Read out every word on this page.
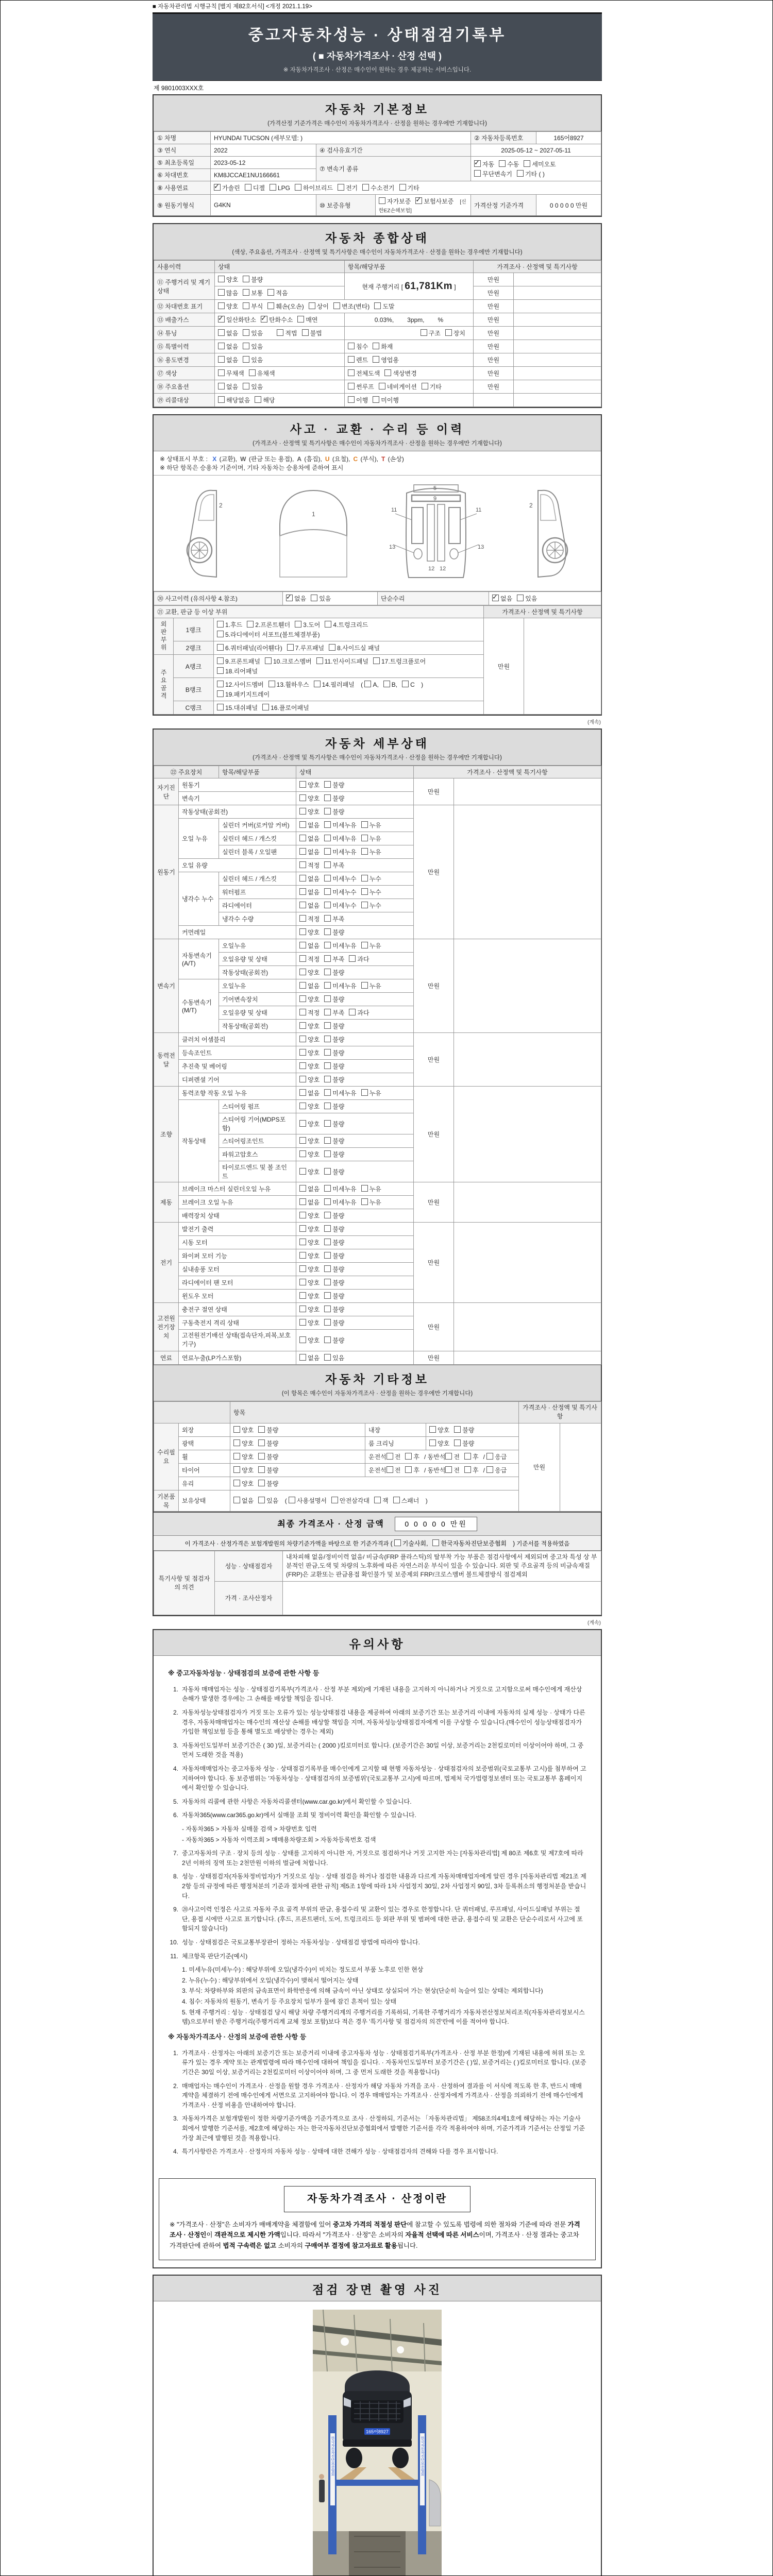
■ 자동차관리법 시행규칙 [별지 제82호서식] <개정 2021.1.19>
중고자동차성능 · 상태점검기록부
( ■ 자동차가격조사 · 산정 선택 )
※ 자동차가격조사 · 산정은 매수인이 원하는 경우 제공하는 서비스입니다.
제 9801003XXX호
자동차 기본정보
(가격산정 기준가격은 매수인이 자동차가격조사 · 산정을 원하는 경우에만 기재합니다)
① 차명	HYUNDAI TUCSON (세부모델: )			② 자동차등록번호	165어8927
③ 연식	2022	④ 검사유효기간		2025-05-12 ~ 2027-05-11	
⑤ 최초등록일	2023-05-12	⑦ 변속기 종류	✓자동 수동 세미오토
무단변속기 기타 ( )
⑥ 차대번호	KM8JCCAE1NU166661				
⑧ 사용연료	✓가솔린 디젤 LPG 하이브리드 전기 수소전기 기타
⑨ 원동기형식	G4KN	⑩ 보증유형	자가보증 ✓ 보험사보증 [신한EZ손해보험]	가격산정 기준가격	0 0 0 0 0 만원
자동차 종합상태
(색상, 주요옵션, 가격조사 · 산정액 및 특기사항은 매수인이 자동차가격조사 · 산정을 원하는 경우에만 기재합니다)
사용이력	상태	항목/해당부품	가격조사 · 산정액 및 특기사항	
⑪ 주행거리 및 계기상태	양호 불량	현재 주행거리 [ 61,781Km ]	만원	
	많음 보통 적음		만원	
⑫ 차대번호 표기	양호 부식 훼손(오손) 상이 변조(변타) 도말		만원	
⑬ 배출가스	✓일산화탄소 ✓ 탄화수소 매연	0.03%, 3ppm, %	만원	
⑭ 튜닝	없음 있음 적법 불법	구조 장치	만원	
⑮ 특별이력	없음 있음	침수 화재	만원	
⑯ 용도변경	없음 있음	렌트 영업용	만원	
⑰ 색상	무채색 유채색	전체도색 색상변경	만원	
⑱ 주요옵션	없음 있음	썬루프 네비게이션 기타	만원	
⑲ 리콜대상	해당없음 해당	이행 미이행		
사고 · 교환 · 수리 등 이력
(가격조사 · 산정액 및 특기사항은 매수인이 자동차가격조사 · 산정을 원하는 경우에만 기재합니다)
※ 상태표시 부호 : X (교환), W (판금 또는 용접), A (흠집), U (요철), C (부식), T (손상)
※ 하단 항목은 승용차 기준이며, 기타 자동차는 승용차에 준하여 표시
2
1
5
9
11	11
12 12
13	13
2
⑳ 사고이력 (유의사항 4.참조)	✓없음 있음	단순수리	✓없음 있음
㉑ 교환, 판금 등 이상 부위			가격조사 · 산정액 및 특기사항	
외판부위	1랭크	1.후드 2.프론트휀더 3.도어 4.트렁크리드
5.라디에이터 서포트(볼트체결부품)	만원	
	2랭크	6.쿼터패널(리어휀다) 7.루프패널 8.사이드실 패널		
주요골격	A랭크	9.프론트패널 10.크로스멤버 11.인사이드패널 17.트렁크플로어
18.리어패널		
	B랭크	12.사이드멤버 13.휠하우스 14.필러패널 ( A, B, C )
19.패키지트레이		
	C랭크	15.대쉬패널 16.플로어패널		
(계속)
자동차 세부상태
(가격조사 · 산정액 및 특기사항은 매수인이 자동차가격조사 · 산정을 원하는 경우에만 기재합니다)
㉒ 주요장치		항목/해당부품	상태	가격조사 · 산정액 및 특기사항	
자기진단	원동기		양호 불량	만원	
	변속기		양호 불량		
원동기	작동상태(공회전)		양호 불량	만원	
	오일 누유	실린더 커버(로커암 커버)	없음 미세누유 누유		
		실린더 헤드 / 개스킷	없음 미세누유 누유		
		실린더 블록 / 오일팬	없음 미세누유 누유		
	오일 유량		적정 부족		
	냉각수 누수	실린더 헤드 / 개스킷	없음 미세누수 누수		
		워터펌프	없음 미세누수 누수		
		라디에이터	없음 미세누수 누수		
		냉각수 수량	적정 부족		
	커먼레일		양호 불량		
변속기	자동변속기 (A/T)	오일누유	없음 미세누유 누유	만원	
		오일유량 및 상태	적정 부족 과다		
		작동상태(공회전)	양호 불량		
	수동변속기 (M/T)	오일누유	없음 미세누유 누유		
		기어변속장치	양호 불량		
		오일유량 및 상태	적정 부족 과다		
		작동상태(공회전)	양호 불량		
동력전달	클러치 어셈블리		양호 불량	만원	
	등속조인트		양호 불량		
	추진축 및 베어링		양호 불량		
	디퍼렌셜 기어		양호 불량		
조향	동력조향 작동 오일 누유		없음 미세누유 누유	만원	
	작동상태	스티어링 펌프	양호 불량		
		스티어링 기어(MDPS포함)	양호 불량		
		스티어링조인트	양호 불량		
		파워고압호스	양호 불량		
		타이로드엔드 및 볼 조인트	양호 불량		
제동	브레이크 마스터 실린더오일 누유		없음 미세누유 누유	만원	
	브레이크 오일 누유		없음 미세누유 누유		
	배력장치 상태		양호 불량		
전기	발전기 출력		양호 불량	만원	
	시동 모터		양호 불량		
	와이퍼 모터 기능		양호 불량		
	실내송풍 모터		양호 불량		
	라디에이터 팬 모터		양호 불량		
	윈도우 모터		양호 불량		
고전원전기장치	충전구 절연 상태		양호 불량	만원	
	구동축전지 격리 상태		양호 불량		
	고전원전기배선 상태(접속단자,피복,보호기구)		양호 불량		
연료	연료누출(LP가스포함)		없음 있음	만원	
자동차 기타정보
(이 항목은 매수인이 자동차가격조사 · 산정을 원하는 경우에만 기재합니다)
		항목			가격조사 · 산정액 및 특기사항	
수리필요	외장	양호 불량	내장	양호 불량	만원	
	광택	양호 불량	룸 크리닝	양호 불량		
	휠	양호 불량	운전석 전 후 / 동반석 전 후 / 응급			
	타이어	양호 불량	운전석 전 후 / 동반석 전 후 / 응급			
	유리	양호 불량				
기본품목	보유상태	없음 있음 ( 사용설명서 안전삼각대 잭 스패너 )				
최종 가격조사 · 산정 금액	0 0 0 0 0 만원
이 가격조사 · 산정가격은 보험개발원의 차량기준가액을 바탕으로 한 기준가격과 ( 기술사회, 한국자동차진단보증협회 ) 기준서를 적용하였음
특기사항 및 점검자의 의견	성능 · 상태점검자	내차피해 없음/정비이력 없음/ 비금속(FRP 플라스틱)의 탈부착 가능 부품은 점검사항에서 제외되며 중고차 특성 상 부분적인 판금,도색 및 차량의 노후화에 따른 자연스러운 부식이 있을 수 있습니다. 외판 및 주요골격 등의 비금속재질(FRP)은 교환또는 판금용접 확인불가 및 보증제외 FRP/크로스멤버 볼트체결방식 점검제외
	가격 · 조사산정자	
(계속)
유의사항
※ 중고자동차성능 · 상태점검의 보증에 관한 사항 등
1. 자동차 매매업자는 성능 · 상태점검기록부(가격조사 · 산정 부분 제외)에 기재된 내용을 고지하지 아니하거나 거짓으로 고지함으로써 매수인에게 재산상 손해가 발생한 경우에는 그 손해를 배상할 책임을 집니다.
2. 자동차성능상태점검자가 거짓 또는 오류가 있는 성능상태점검 내용을 제공하여 아래의 보증기간 또는 보증거리 이내에 자동차의 실제 성능 · 상태가 다른 경우, 자동차매매업자는 매수인의 재산상 손해를 배상할 책임을 지며, 자동차성능상태점검자에게 이를 구상할 수 있습니다.(매수인이 성능상태점검자가 가입한 책임보험 등을 통해 별도로 배상받는 경우는 제외)
3. 자동차인도일부터 보증기간은 ( 30 )일, 보증거리는 ( 2000 )킬로미터로 합니다. (보증기간은 30일 이상, 보증거리는 2천킬로미터 이상이어야 하며, 그 중 먼저 도래한 것을 적용)
4. 자동차매매업자는 중고자동차 성능 · 상태점검기록부를 매수인에게 고지할 때 현행 자동차성능 · 상태점검자의 보증범위(국토교통부 고시)를 첨부하여 고지하여야 합니다. 동 보증범위는 '자동차성능 · 상태점검자의 보증범위'(국토교통부 고시)에 따르며, 법제처 국가법령정보센터 또는 국토교통부 홈페이지에서 확인할 수 있습니다.
5. 자동차의 리콜에 관한 사항은 자동차리콜센터(www.car.go.kr)에서 확인할 수 있습니다.
6. 자동차365(www.car365.go.kr)에서 실매물 조회 및 정비이력 확인을 확인할 수 있습니다.
- 자동차365 > 자동차 실매물 검색 > 차량번호 입력
- 자동차365 > 자동차 이력조회 > 매매용차량조회 > 자동차등록번호 검색
7. 중고자동차의 구조 · 장치 등의 성능 · 상태를 고지하지 아니한 자, 거짓으로 점검하거나 거짓 고지한 자는 [자동차관리법] 제 80조 제6호 및 제7호에 따라 2년 이하의 징역 또는 2천만원 이하의 벌금에 처합니다.
8. 성능 · 상태점검자(자동차정비업자)가 거짓으로 성능 · 상태 점검을 하거나 점검한 내용과 다르게 자동차매매업자에게 알린 경우 [자동차관리법 제21조 제2항 등의 규정에 따른 행정처분의 기준과 절차에 관한 규칙] 제5조 1항에 따라 1차 사업정지 30일, 2차 사업정지 90일, 3차 등록취소의 행정처분을 받습니다.
9. ⑳사고이력 인정은 사고로 자동차 주요 골격 부위의 판금, 용접수리 및 교환이 있는 경우로 한정합니다. 단 쿼터패널, 루프패널, 사이드실패널 부위는 절단, 용접 시에만 사고로 표기합니다. (후드, 프론트펜더, 도어, 트렁크리드 등 외판 부위 및 범퍼에 대한 판금, 용접수리 및 교환은 단순수리로서 사고에 포함되지 않습니다)
10. 성능 · 상태점검은 국토교통부장관이 정하는 자동차성능 · 상태점검 방법에 따라야 합니다.
11. 체크항목 판단기준(예시)
1. 미세누유(미세누수) : 해당부위에 오일(냉각수)이 비치는 정도로서 부품 노후로 인한 현상
2. 누유(누수) : 해당부위에서 오일(냉각수)이 맺혀서 떨어지는 상태
3. 부식: 차량하부와 외판의 금속표면이 화학반응에 의해 금속이 아닌 상태로 상실되어 가는 현상(단순히 녹슬어 있는 상태는 제외합니다)
4. 침수: 자동차의 원동기, 변속기 등 주요장치 일부가 물에 잠긴 흔적이 있는 상태
5. 현재 주행거리 : 성능 · 상태점검 당시 해당 차량 주행거리계의 주행거리를 기록하되, 기록한 주행거리가 자동차전산정보처리조직(자동차관리정보시스템)으로부터 받은 주행거리(주행거리계 교체 정보 포함)보다 적은 경우 '특기사항 및 점검자의 의견'란에 이를 적어야 합니다.
※ 자동차가격조사 · 산정의 보증에 관한 사항 등
1. 가격조사 · 산정자는 아래의 보증기간 또는 보증거리 이내에 중고자동차 성능 · 상태점검기록부(가격조사 · 산정 부분 한정)에 기재된 내용에 허위 또는 오류가 있는 경우 계약 또는 관계법령에 따라 매수인에 대하여 책임을 집니다. · 자동차인도일부터 보증기간은 ( )일, 보증거리는 ( )킬로미터로 합니다. (보증기간은 30일 이상, 보증거리는 2천킬로미터 이상이어야 하며, 그 중 먼저 도래한 것을 적용합니다)
2. 매매업자는 매수인이 가격조사 · 산정을 원할 경우 가격조사 · 산정자가 해당 자동차 가격을 조사 · 산정하여 결과를 이 서식에 적도록 한 후, 반드시 매매계약을 체결하기 전에 매수인에게 서면으로 고지하여야 합니다. 이 경우 매매업자는 가격조사 · 산정자에게 가격조사 · 산정을 의뢰하기 전에 매수인에게 가격조사 · 산정 비용을 안내하여야 합니다.
3. 자동차가격은 보험개발원이 정한 차량기준가액을 기준가격으로 조사 · 산정하되, 기준서는 「자동차관리법」 제58조의4제1호에 해당하는 자는 기술사회에서 발행한 기준서를, 제2호에 해당하는 자는 한국자동차진단보증협회에서 발행한 기준서를 각각 적용하여야 하며, 기준가격과 기준서는 산정일 기준 가장 최근에 발행된 것을 적용합니다.
4. 특기사항란은 가격조사 · 산정자의 자동차 성능 · 상태에 대한 견해가 성능 · 상태점검자의 견해와 다를 경우 표시합니다.
자동차가격조사 · 산정이란
※ "가격조사 · 산정"은 소비자가 매매계약을 체결함에 있어 중고차 가격의 적절성 판단에 참고할 수 있도록 법령에 의한 절차와 기준에 따라 전문 가격조사 · 산정인이 객관적으로 제시한 가액입니다. 따라서 "가격조사 · 산정"은 소비자의 자율적 선택에 따른 서비스이며, 가격조사 · 산정 결과는 중고차 가격판단에 관하여 법적 구속력은 없고 소비자의 구매여부 결정에 참고자료로 활용됩니다.
점검 장면 촬영 사진
한국자동차진단보증협회	한국자동차진단보증협회
165어8927
